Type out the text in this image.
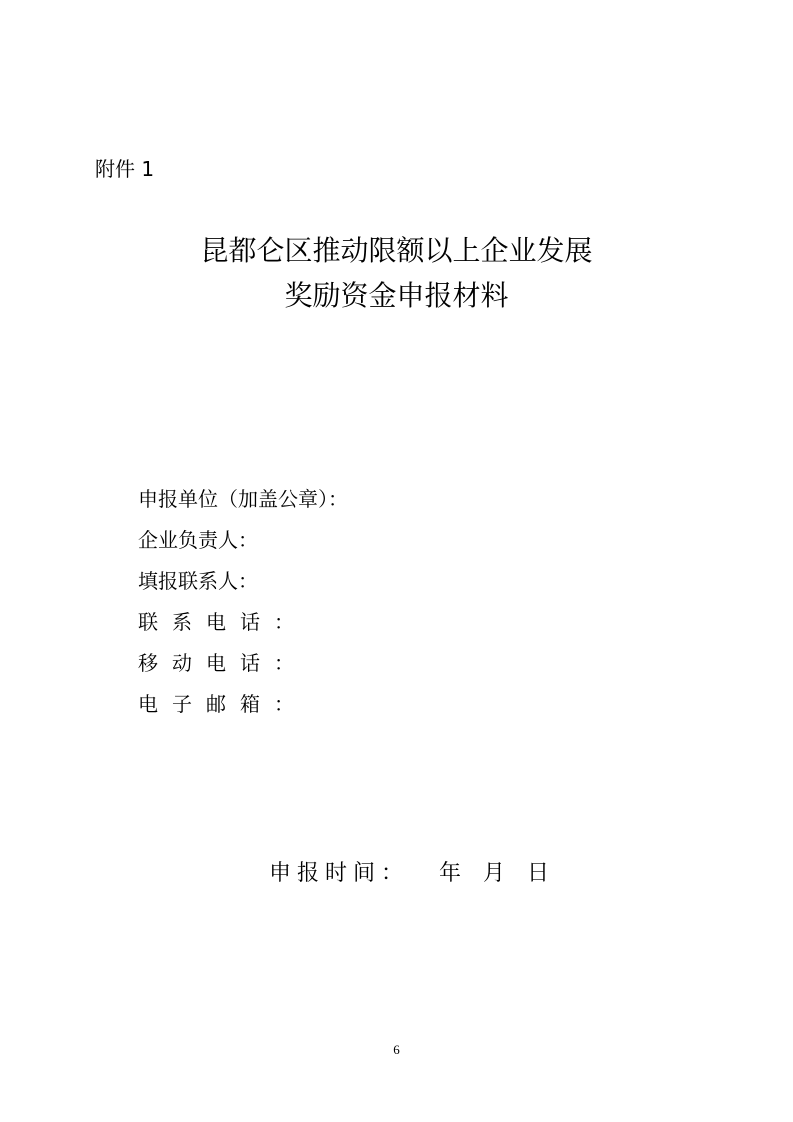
附件 1
昆都仑区推动限额以上企业发展
奖励资金申报材料
申报单位（加盖公章）：
企业负责人：
填报联系人：
联系电话：
移动电话：
电子邮箱：
申报时间： 年 月 日
6
